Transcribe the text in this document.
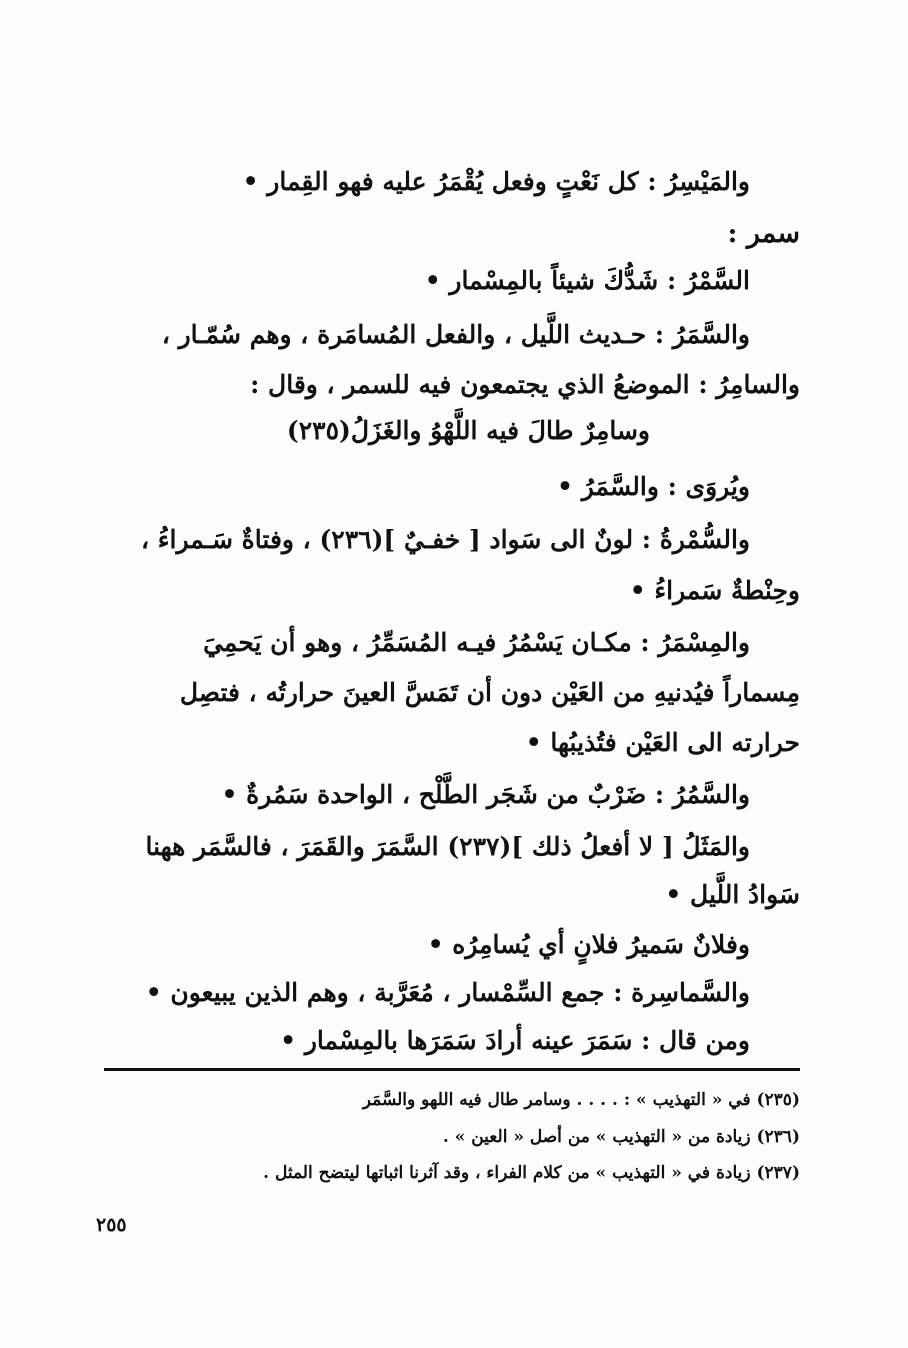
والمَيْسِرُ : كل نَعْتٍ وفعل يُقْمَرُ عليه فهو القِمار •
سمر :
السَّمْرُ : شَدُّكَ شيئاً بالمِسْمار •
والسَّمَرُ : حـديث اللَّيل ، والفعل المُسامَرة ، وهم سُمّـار ،
والسامِرُ : الموضعُ الذي يجتمعون فيه للسمر ، وقال :
وسامِرٌ طالَ فيه اللَّهْوُ والغَزَلُ(٢٣٥)
ويُروَى : والسَّمَرُ •
والسُّمْرةُ : لونٌ الى سَواد [ خفـيٌ ](٢٣٦) ، وفتاةٌ سَـمراءُ ،
وحِنْطةٌ سَمراءُ •
والمِسْمَرُ : مكـان يَسْمُرُ فيـه المُسَمِّرُ ، وهو أن يَحمِيَ
مِسماراً فيُدنيهِ من العَيْن دون أن تَمَسَّ العينَ حرارتُه ، فتصِل
حرارته الى العَيْن فتُذيبُها •
والسَّمُرُ : ضَرْبٌ من شَجَر الطَّلْح ، الواحدة سَمُرةٌ •
والمَثَلُ [ لا أفعلُ ذلك ](٢٣٧) السَّمَرَ والقَمَرَ ، فالسَّمَر ههنا
سَوادُ اللَّيل •
وفلانٌ سَميرُ فلانٍ أي يُسامِرُه •
والسَّماسِرة : جمع السِّمْسار ، مُعَرَّبة ، وهم الذين يبيعون •
ومن قال : سَمَرَ عينه أرادَ سَمَرَها بالمِسْمار •
(٢٣٥) في « التهذيب » : . . . . وسامر طال فيه اللهو والسَّمَر
(٢٣٦) زيادة من « التهذيب » من أصل « العين » .
(٢٣٧) زيادة في « التهذيب » من كلام الفراء ، وقد آثرنا اثباتها ليتضح المثل .
٢٥٥
